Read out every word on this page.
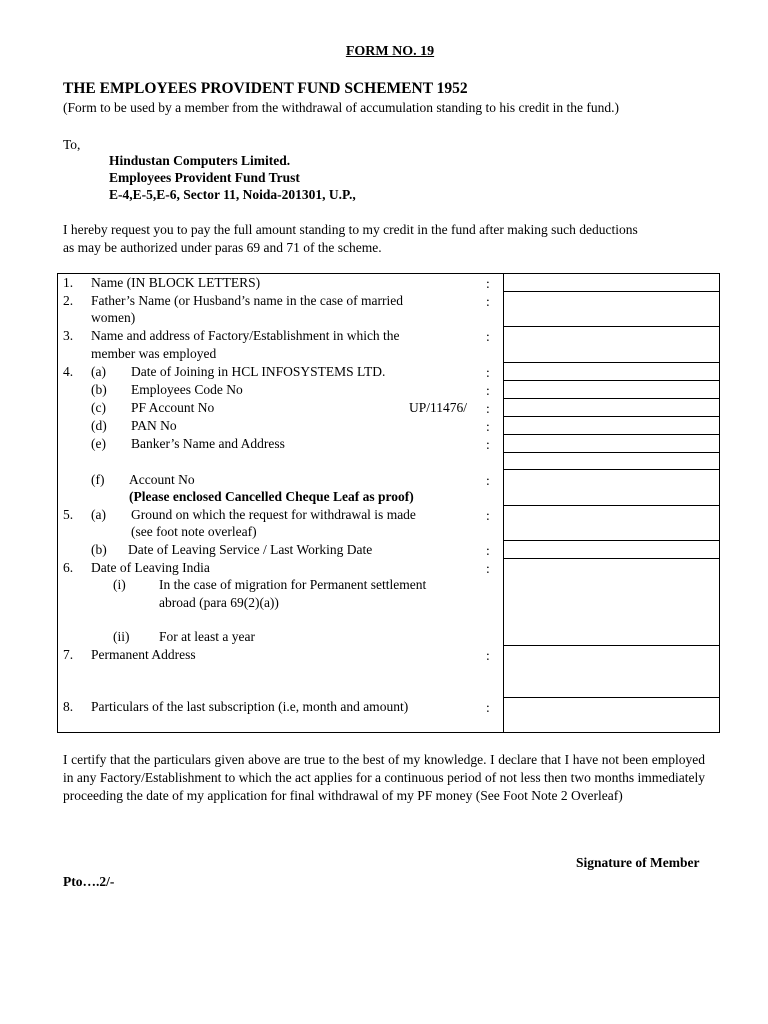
FORM NO. 19
THE EMPLOYEES PROVIDENT FUND SCHEMENT 1952
(Form to be used by a member from the withdrawal of accumulation standing to his credit in the fund.)
To,
Hindustan Computers Limited.
Employees Provident Fund Trust
E-4,E-5,E-6, Sector 11, Noida-201301, U.P.,
I hereby request you to pay the full amount standing to my credit in the fund after making such deductions
as may be authorized under paras 69 and 71 of the scheme.
1. Name (IN BLOCK LETTERS)	:
2. Father’s Name (or Husband’s name in the case of married
women)
:
3. Name and address of Factory/Establishment in which the
member was employed
:
4. (a) Date of Joining in HCL INFOSYSTEMS LTD.	:
(b) Employees Code No	:
(c) PF Account No	UP/11476/ :
(d) PAN No	:
(e) Banker’s Name and Address	:
(f) Account No
(Please enclosed Cancelled Cheque Leaf as proof)
:
5. (a) Ground on which the request for withdrawal is made
(see foot note overleaf)
:
(b) Date of Leaving Service / Last Working Date	:
6. Date of Leaving India	:
(i) In the case of migration for Permanent settlement
abroad (para 69(2)(a))
(ii) For at least a year
7. Permanent Address	:
8. Particulars of the last subscription (i.e, month and amount)	:
I certify that the particulars given above are true to the best of my knowledge. I declare that I have not been employed in any Factory/Establishment to which the act applies for a continuous period of not less then two months immediately proceeding the date of my application for final withdrawal of my PF money (See Foot Note 2 Overleaf)
Signature of Member
Pto….2/-
